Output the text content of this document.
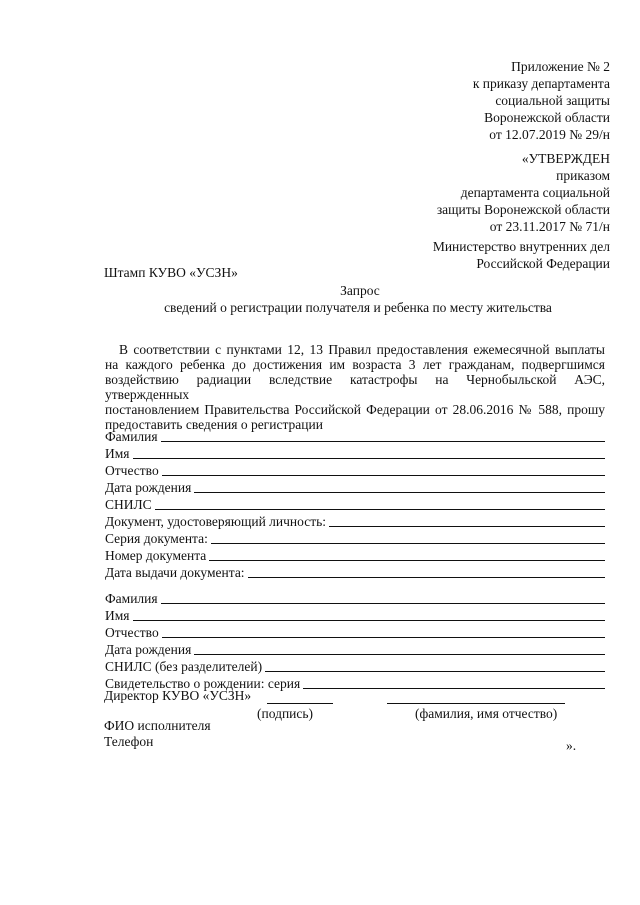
Приложение № 2
к приказу департамента
социальной защиты
Воронежской области
от 12.07.2019 № 29/н
«УТВЕРЖДЕН
приказом
департамента социальной
защиты Воронежской области
от 23.11.2017 № 71/н
Министерство внутренних дел
Российской Федерации
Штамп КУВО «УСЗН»
Запрос
сведений о регистрации получателя и ребенка по месту жительства
В соответствии с пунктами 12, 13 Правил предоставления ежемесячной выплаты
на каждого ребенка до достижения им возраста 3 лет гражданам, подвергшимся
воздействию радиации вследствие катастрофы на Чернобыльской АЭС, утвержденных
постановлением Правительства Российской Федерации от 28.06.2016 № 588, прошу
предоставить сведения о регистрации
Фамилия
Имя
Отчество
Дата рождения
СНИЛС
Документ, удостоверяющий личность:
Серия документа:
Номер документа
Дата выдачи документа:
Фамилия
Имя
Отчество
Дата рождения
СНИЛС (без разделителей)
Свидетельство о рождении: серия
Директор КУВО «УСЗН»
(подпись)	(фамилия, имя отчество)
ФИО исполнителя
Телефон	».
